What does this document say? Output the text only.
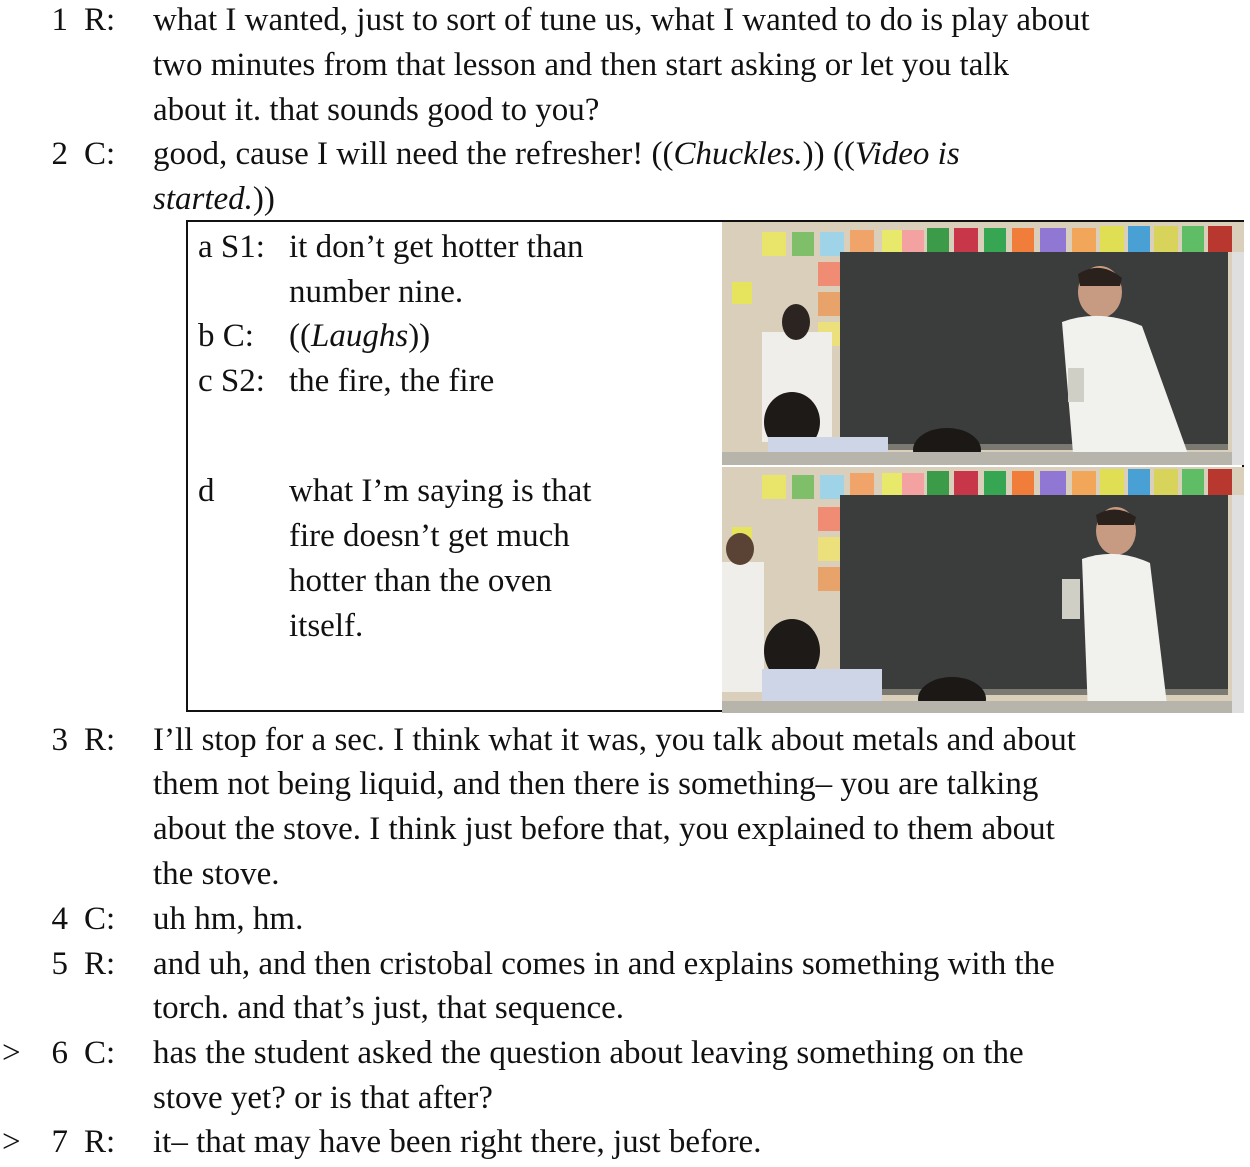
1 R: what I wanted, just to sort of tune us, what I wanted to do is play about
two minutes from that lesson and then start asking or let you talk
about it. that sounds good to you?
2 C: good, cause I will need the refresher! ((Chuckles.)) ((Video is
started.))
a S1: it don’t get hotter than
number nine.
b C: ((Laughs))
c S2: the fire, the fire
d what I’m saying is that
fire doesn’t get much
hotter than the oven
itself.
3 R: I’ll stop for a sec. I think what it was, you talk about metals and about
them not being liquid, and then there is something– you are talking
about the stove. I think just before that, you explained to them about
the stove.
4 C: uh hm, hm.
5 R: and uh, and then cristobal comes in and explains something with the
torch. and that’s just, that sequence.
> 6 C: has the student asked the question about leaving something on the
stove yet? or is that after?
> 7 R: it– that may have been right there, just before.
